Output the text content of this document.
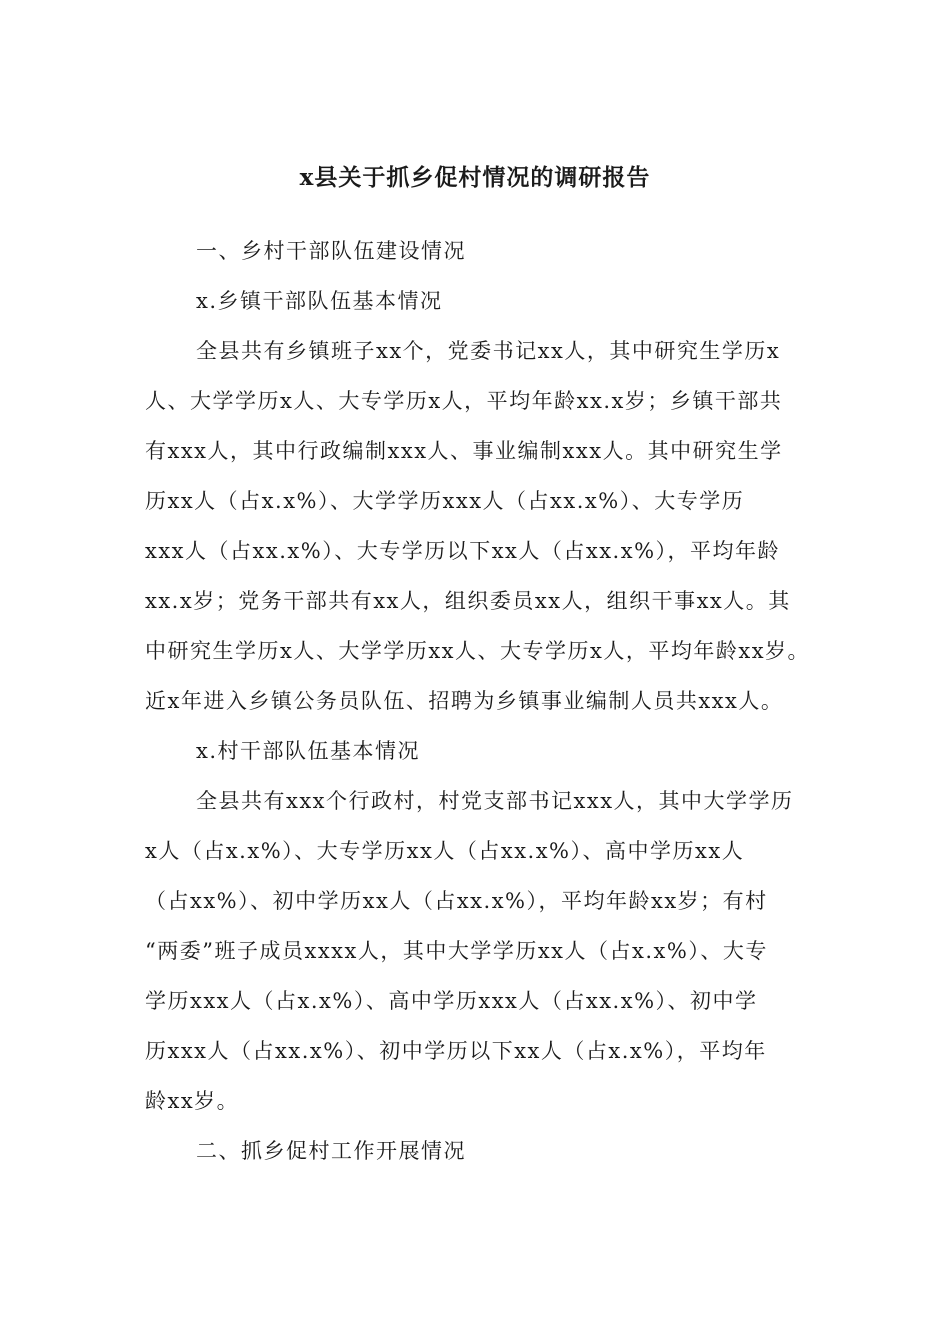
x县关于抓乡促村情况的调研报告

一、乡村干部队伍建设情况

x.乡镇干部队伍基本情况

全县共有乡镇班子xx个，党委书记xx人，其中研究生学历x

人、大学学历x人、大专学历x人，平均年龄xx.x岁；乡镇干部共

有xxx人，其中行政编制xxx人、事业编制xxx人。其中研究生学

历xx人（占x.x%）、大学学历xxx人（占xx.x%）、大专学历

xxx人（占xx.x%）、大专学历以下xx人（占xx.x%），平均年龄

xx.x岁；党务干部共有xx人，组织委员xx人，组织干事xx人。其

中研究生学历x人、大学学历xx人、大专学历x人，平均年龄xx岁。

近x年进入乡镇公务员队伍、招聘为乡镇事业编制人员共xxx人。

x.村干部队伍基本情况

全县共有xxx个行政村，村党支部书记xxx人，其中大学学历

x人（占x.x%）、大专学历xx人（占xx.x%）、高中学历xx人

（占xx%）、初中学历xx人（占xx.x%），平均年龄xx岁；有村

“两委”班子成员xxxx人，其中大学学历xx人（占x.x%）、大专

学历xxx人（占x.x%）、高中学历xxx人（占xx.x%）、初中学

历xxx人（占xx.x%）、初中学历以下xx人（占x.x%），平均年

龄xx岁。

二、抓乡促村工作开展情况
